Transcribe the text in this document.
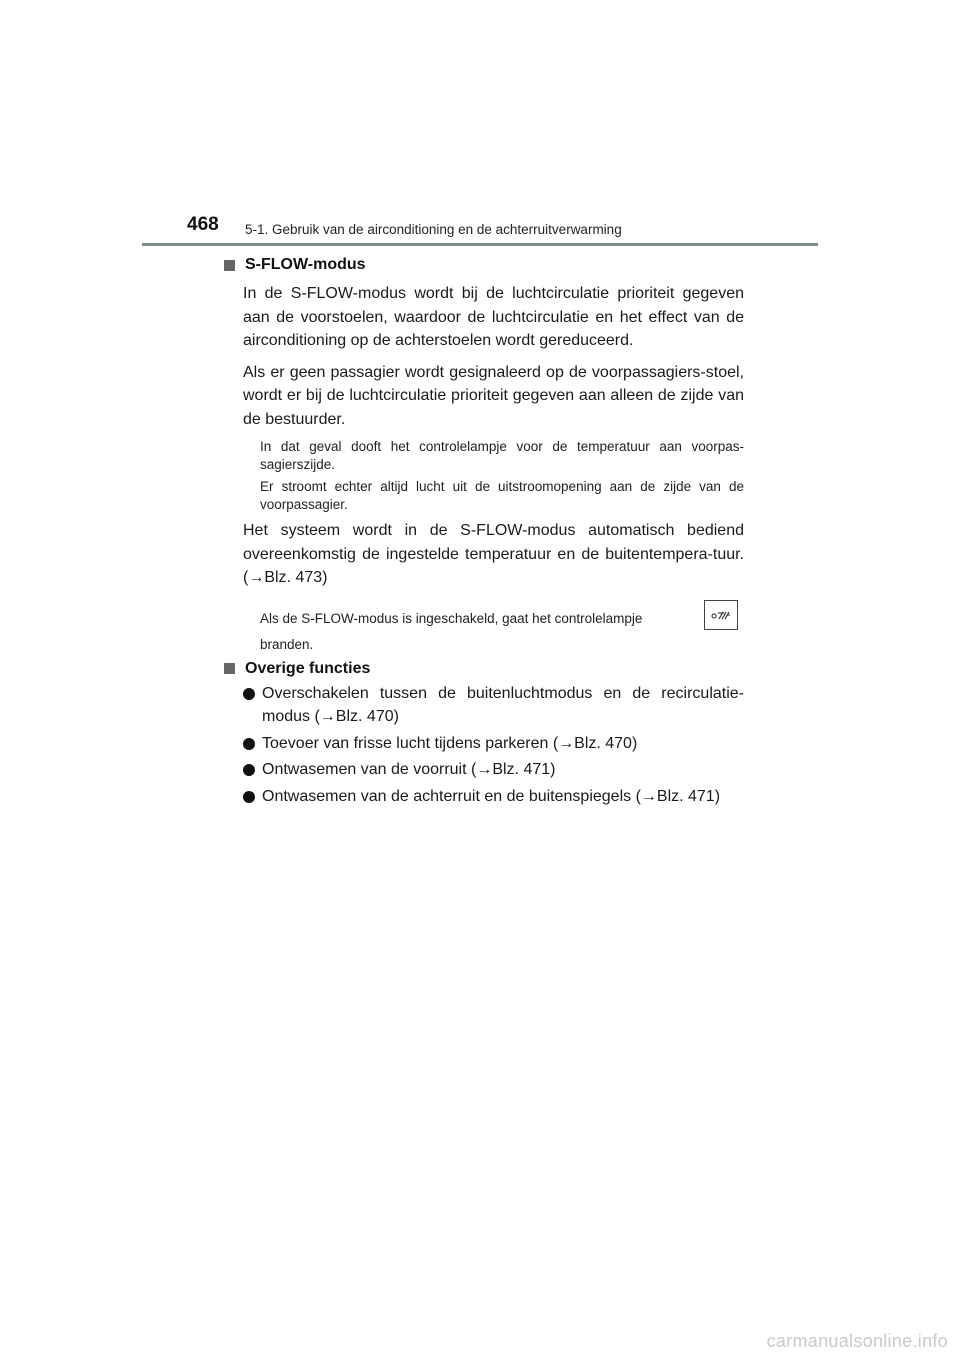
468 5-1. Gebruik van de airconditioning en de achterruitverwarming
S-FLOW-modus

In de S-FLOW-modus wordt bij de luchtcirculatie prioriteit gegeven aan de voorstoelen, waardoor de luchtcirculatie en het effect van de airconditioning op de achterstoelen wordt gereduceerd.

Als er geen passagier wordt gesignaleerd op de voorpassagiers-stoel, wordt er bij de luchtcirculatie prioriteit gegeven aan alleen de zijde van de bestuurder.

In dat geval dooft het controlelampje voor de temperatuur aan voorpas-sagierszijde.

Er stroomt echter altijd lucht uit de uitstroomopening aan de zijde van de voorpassagier.

Het systeem wordt in de S-FLOW-modus automatisch bediend overeenkomstig de ingestelde temperatuur en de buitentempera-tuur. (→Blz. 473)

Als de S-FLOW-modus is ingeschakeld, gaat het controlelampje
branden.
Overige functies
Overschakelen tussen de buitenluchtmodus en de recirculatie-modus (→Blz. 470)
Toevoer van frisse lucht tijdens parkeren (→Blz. 470)
Ontwasemen van de voorruit (→Blz. 471)
Ontwasemen van de achterruit en de buitenspiegels (→Blz. 471)
carmanualsonline.info
